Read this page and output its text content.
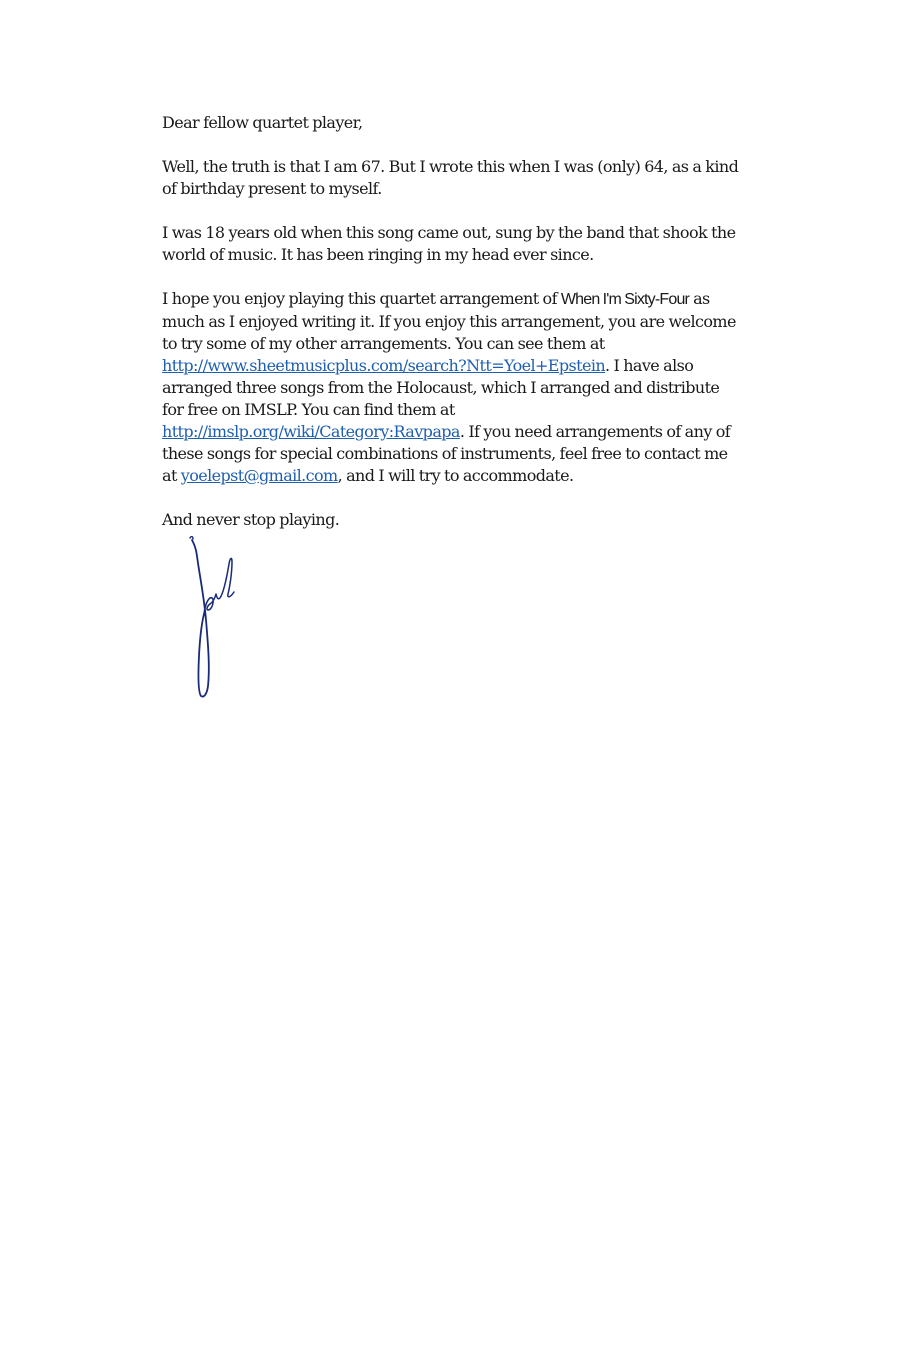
Dear fellow quartet player,

Well, the truth is that I am 67. But I wrote this when I was (only) 64, as a kind of birthday present to myself.

I was 18 years old when this song came out, sung by the band that shook the world of music. It has been ringing in my head ever since.

I hope you enjoy playing this quartet arrangement of When I'm Sixty-Four as much as I enjoyed writing it. If you enjoy this arrangement, you are welcome to try some of my other arrangements. You can see them at http://www.sheetmusicplus.com/search?Ntt=Yoel+Epstein. I have also arranged three songs from the Holocaust, which I arranged and distribute for free on IMSLP. You can find them at http://imslp.org/wiki/Category:Ravpapa. If you need arrangements of any of these songs for special combinations of instruments, feel free to contact me at yoelepst@gmail.com, and I will try to accommodate.

And never stop playing.
